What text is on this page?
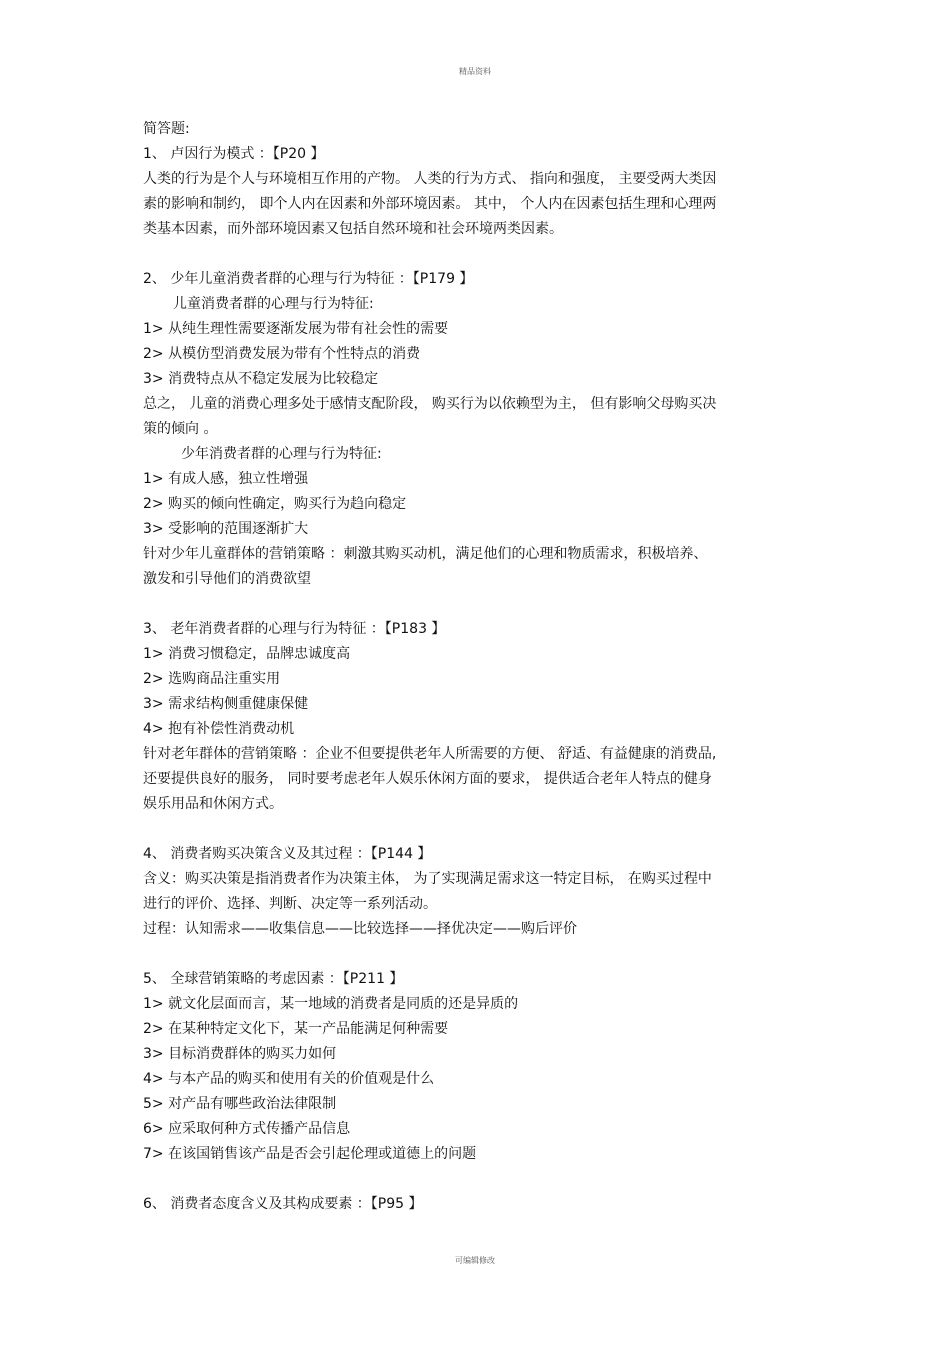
精品资料
简答题:
1、 卢因行为模式 ：【P20 】
人类的行为是个人与环境相互作用的产物。 人类的行为方式、 指向和强度， 主要受两大类因
素的影响和制约， 即个人内在因素和外部环境因素。 其中， 个人内在因素包括生理和心理两
类基本因素，而外部环境因素又包括自然环境和社会环境两类因素。
2、 少年儿童消费者群的心理与行为特征 ：【P179 】
儿童消费者群的心理与行为特征:
1> 从纯生理性需要逐渐发展为带有社会性的需要
2> 从模仿型消费发展为带有个性特点的消费
3> 消费特点从不稳定发展为比较稳定
总之， 儿童的消费心理多处于感情支配阶段， 购买行为以依赖型为主， 但有影响父母购买决
策的倾向 。
少年消费者群的心理与行为特征:
1> 有成人感，独立性增强
2> 购买的倾向性确定，购买行为趋向稳定
3> 受影响的范围逐渐扩大
针对少年儿童群体的营销策略 ：刺激其购买动机，满足他们的心理和物质需求，积极培养、
激发和引导他们的消费欲望
3、 老年消费者群的心理与行为特征 ：【P183 】
1> 消费习惯稳定，品牌忠诚度高
2> 选购商品注重实用
3> 需求结构侧重健康保健
4> 抱有补偿性消费动机
针对老年群体的营销策略 ：企业不但要提供老年人所需要的方便、 舒适、有益健康的消费品,
还要提供良好的服务， 同时要考虑老年人娱乐休闲方面的要求， 提供适合老年人特点的健身
娱乐用品和休闲方式。
4、 消费者购买决策含义及其过程 ：【P144 】
含义：购买决策是指消费者作为决策主体， 为了实现满足需求这一特定目标， 在购买过程中
进行的评价、选择、判断、决定等一系列活动。
过程：认知需求——收集信息——比较选择——择优决定——购后评价
5、 全球营销策略的考虑因素 ：【P211 】
1> 就文化层面而言，某一地域的消费者是同质的还是异质的
2> 在某种特定文化下，某一产品能满足何种需要
3> 目标消费群体的购买力如何
4> 与本产品的购买和使用有关的价值观是什么
5> 对产品有哪些政治法律限制
6> 应采取何种方式传播产品信息
7> 在该国销售该产品是否会引起伦理或道德上的问题
6、 消费者态度含义及其构成要素 ：【P95 】
可编辑修改
